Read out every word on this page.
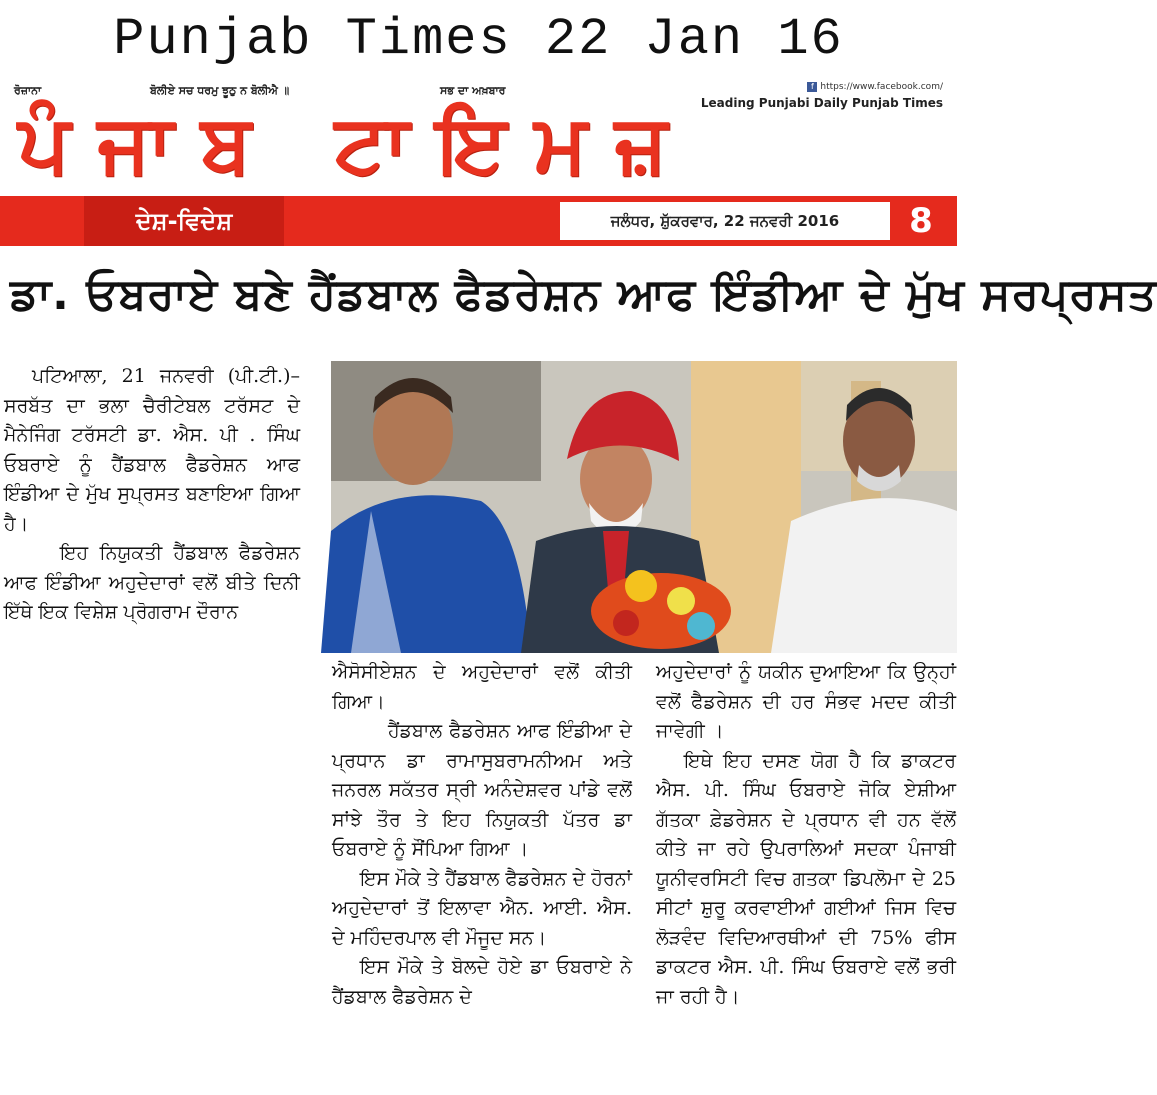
Punjab Times 22 Jan 16
ਰੋਜ਼ਾਨਾ	ਬੋਲੀਏ ਸਚ ਧਰਮੁ ਝੂਠੁ ਨ ਬੋਲੀਐ ॥	ਸਭ ਦਾ ਅਖ਼ਬਾਰ	f https://www.facebook.com/
Leading Punjabi Daily Punjab Times
ਪੰਜਾਬ ਟਾਇਮਜ਼
ਦੇਸ਼-ਵਿਦੇਸ਼	ਜਲੰਧਰ, ਸ਼ੁੱਕਰਵਾਰ, 22 ਜਨਵਰੀ 2016	8
ਡਾ. ਓਬਰਾਏ ਬਣੇ ਹੈਂਡਬਾਲ ਫੈਡਰੇਸ਼ਨ ਆਫ ਇੰਡੀਆ ਦੇ ਮੁੱਖ ਸਰਪ੍ਰਸਤ

ਪਟਿਆਲਾ, 21 ਜਨਵਰੀ (ਪੀ.ਟੀ.)–ਸਰਬੱਤ ਦਾ ਭਲਾ ਚੈਰੀਟੇਬਲ ਟਰੱਸਟ ਦੇ ਮੈਨੇਜਿੰਗ ਟਰੱਸਟੀ ਡਾ. ਐਸ. ਪੀ . ਸਿੰਘ ਓਬਰਾਏ ਨੂੰ ਹੈਂਡਬਾਲ ਫੈਡਰੇਸ਼ਨ ਆਫ ਇੰਡੀਆ ਦੇ ਮੁੱਖ ਸੁਪ੍ਰਸਤ ਬਣਾਇਆ ਗਿਆ ਹੈ।

ਇਹ ਨਿਯੁਕਤੀ ਹੈਂਡਬਾਲ ਫੈਡਰੇਸ਼ਨ ਆਫ ਇੰਡੀਆ ਅਹੁਦੇਦਾਰਾਂ ਵਲੋਂ ਬੀਤੇ ਦਿਨੀ ਇੱਥੇ ਇਕ ਵਿਸ਼ੇਸ਼ ਪ੍ਰੋਗਰਾਮ ਦੌਰਾਨ

ਐਸੋਸੀਏਸ਼ਨ ਦੇ ਅਹੁਦੇਦਾਰਾਂ ਵਲੋਂ ਕੀਤੀ ਗਿਆ।

ਹੈਂਡਬਾਲ ਫੈਡਰੇਸ਼ਨ ਆਫ ਇੰਡੀਆ ਦੇ ਪ੍ਰਧਾਨ ਡਾ ਰਾਮਾਸੁਬਰਾਮਨੀਅਮ ਅਤੇ ਜਨਰਲ ਸਕੱਤਰ ਸ੍ਰੀ ਅਨੰਦੇਸ਼ਵਰ ਪਾਂਡੇ ਵਲੋਂ ਸਾਂਝੇ ਤੌਰ ਤੇ ਇਹ ਨਿਯੁਕਤੀ ਪੱਤਰ ਡਾ ਓਬਰਾਏ ਨੂੰ ਸੌਂਪਿਆ ਗਿਆ ।

ਇਸ ਮੌਕੇ ਤੇ ਹੈਂਡਬਾਲ ਫੈਡਰੇਸ਼ਨ ਦੇ ਹੋਰਨਾਂ ਅਹੁਦੇਦਾਰਾਂ ਤੋਂ ਇਲਾਵਾ ਐਨ. ਆਈ. ਐਸ. ਦੇ ਮਹਿੰਦਰਪਾਲ ਵੀ ਮੌਜੂਦ ਸਨ।

ਇਸ ਮੌਕੇ ਤੇ ਬੋਲਦੇ ਹੋਏ ਡਾ ਓਬਰਾਏ ਨੇ ਹੈਂਡਬਾਲ ਫੈਡਰੇਸ਼ਨ ਦੇ

ਅਹੁਦੇਦਾਰਾਂ ਨੂੰ ਯਕੀਨ ਦੁਆਇਆ ਕਿ ਉਨ੍ਹਾਂ ਵਲੋਂ ਫੈਡਰੇਸ਼ਨ ਦੀ ਹਰ ਸੰਭਵ ਮਦਦ ਕੀਤੀ ਜਾਵੇਗੀ ।

ਇਥੇ ਇਹ ਦਸਣ ਯੋਗ ਹੈ ਕਿ ਡਾਕਟਰ ਐਸ. ਪੀ. ਸਿੰਘ ਓਬਰਾਏ ਜੋਕਿ ਏਸ਼ੀਆ ਗੱਤਕਾ ਫ਼ੇਡਰੇਸ਼ਨ ਦੇ ਪ੍ਰਧਾਨ ਵੀ ਹਨ ਵੱਲੋਂ ਕੀਤੇ ਜਾ ਰਹੇ ਉਪਰਾਲਿਆਂ ਸਦਕਾ ਪੰਜਾਬੀ ਯੂਨੀਵਰਸਿਟੀ ਵਿਚ ਗਤਕਾ ਡਿਪਲੋਮਾ ਦੇ 25 ਸੀਟਾਂ ਸ਼ੁਰੂ ਕਰਵਾਈਆਂ ਗਈਆਂ ਜਿਸ ਵਿਚ ਲੋੜਵੰਦ ਵਿਦਿਆਰਥੀਆਂ ਦੀ 75% ਫੀਸ ਡਾਕਟਰ ਐਸ. ਪੀ. ਸਿੰਘ ਓਬਰਾਏ ਵਲੋਂ ਭਰੀ ਜਾ ਰਹੀ ਹੈ।
